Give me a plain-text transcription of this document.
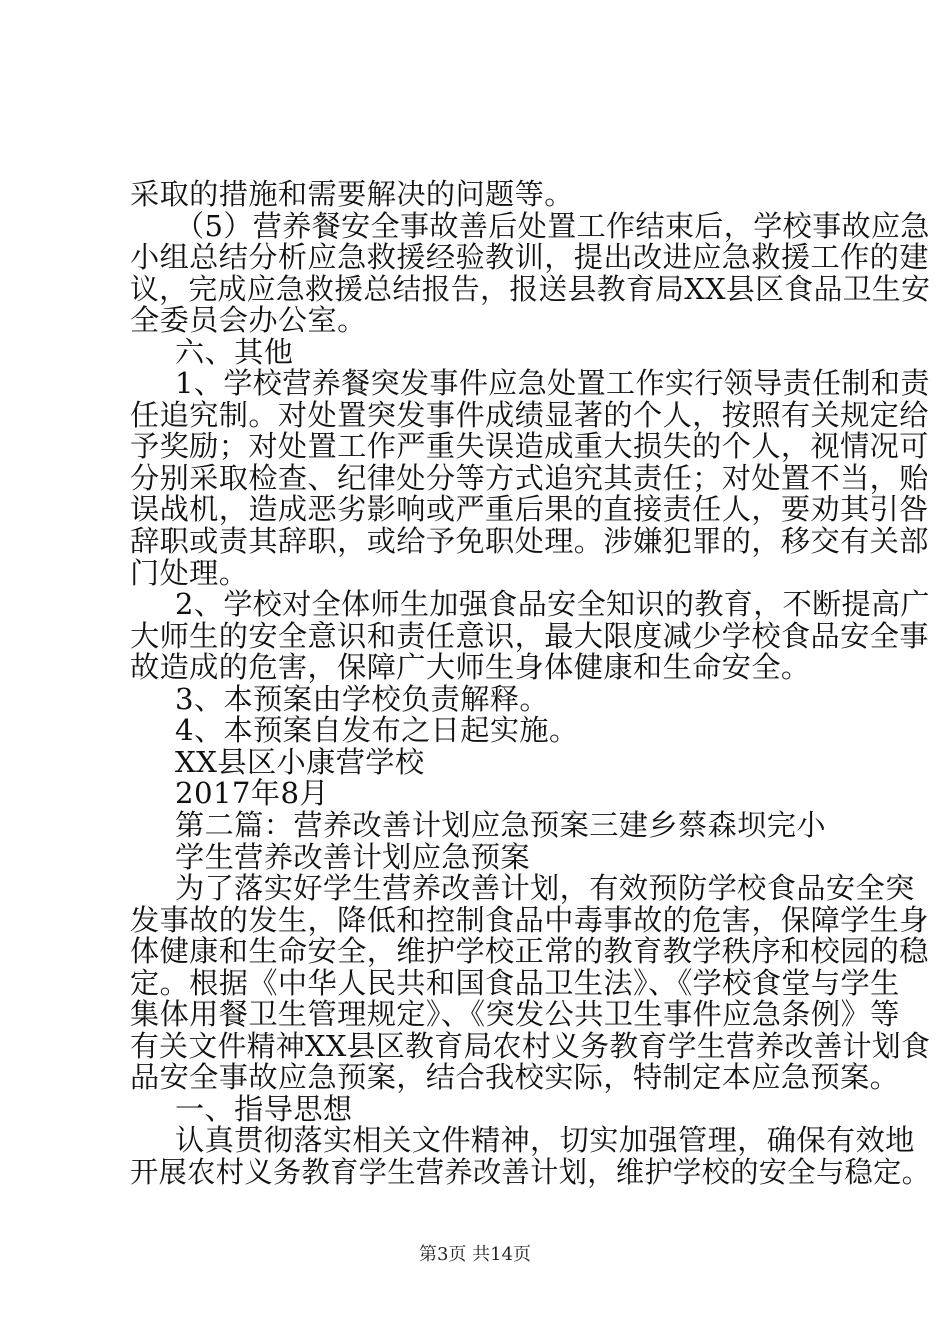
采取的措施和需要解决的问题等。
（5）营养餐安全事故善后处置工作结束后，学校事故应急
小组总结分析应急救援经验教训，提出改进应急救援工作的建
议，完成应急救援总结报告，报送县教育局XX县区食品卫生安
全委员会办公室。
六、其他
1、学校营养餐突发事件应急处置工作实行领导责任制和责
任追究制。对处置突发事件成绩显著的个人，按照有关规定给
予奖励；对处置工作严重失误造成重大损失的个人，视情况可
分别采取检查、纪律处分等方式追究其责任；对处置不当，贻
误战机，造成恶劣影响或严重后果的直接责任人，要劝其引咎
辞职或责其辞职，或给予免职处理。涉嫌犯罪的，移交有关部
门处理。
2、学校对全体师生加强食品安全知识的教育，不断提高广
大师生的安全意识和责任意识，最大限度减少学校食品安全事
故造成的危害，保障广大师生身体健康和生命安全。
3、本预案由学校负责解释。
4、本预案自发布之日起实施。
XX县区小康营学校
2017年8月
第二篇：营养改善计划应急预案三建乡蔡森坝完小
学生营养改善计划应急预案
为了落实好学生营养改善计划，有效预防学校食品安全突
发事故的发生，降低和控制食品中毒事故的危害，保障学生身
体健康和生命安全，维护学校正常的教育教学秩序和校园的稳
定。根据《中华人民共和国食品卫生法》、《学校食堂与学生
集体用餐卫生管理规定》、《突发公共卫生事件应急条例》等
有关文件精神XX县区教育局农村义务教育学生营养改善计划食
品安全事故应急预案，结合我校实际，特制定本应急预案。
一、指导思想
认真贯彻落实相关文件精神，切实加强管理，确保有效地
开展农村义务教育学生营养改善计划，维护学校的安全与稳定。
第3页 共14页
